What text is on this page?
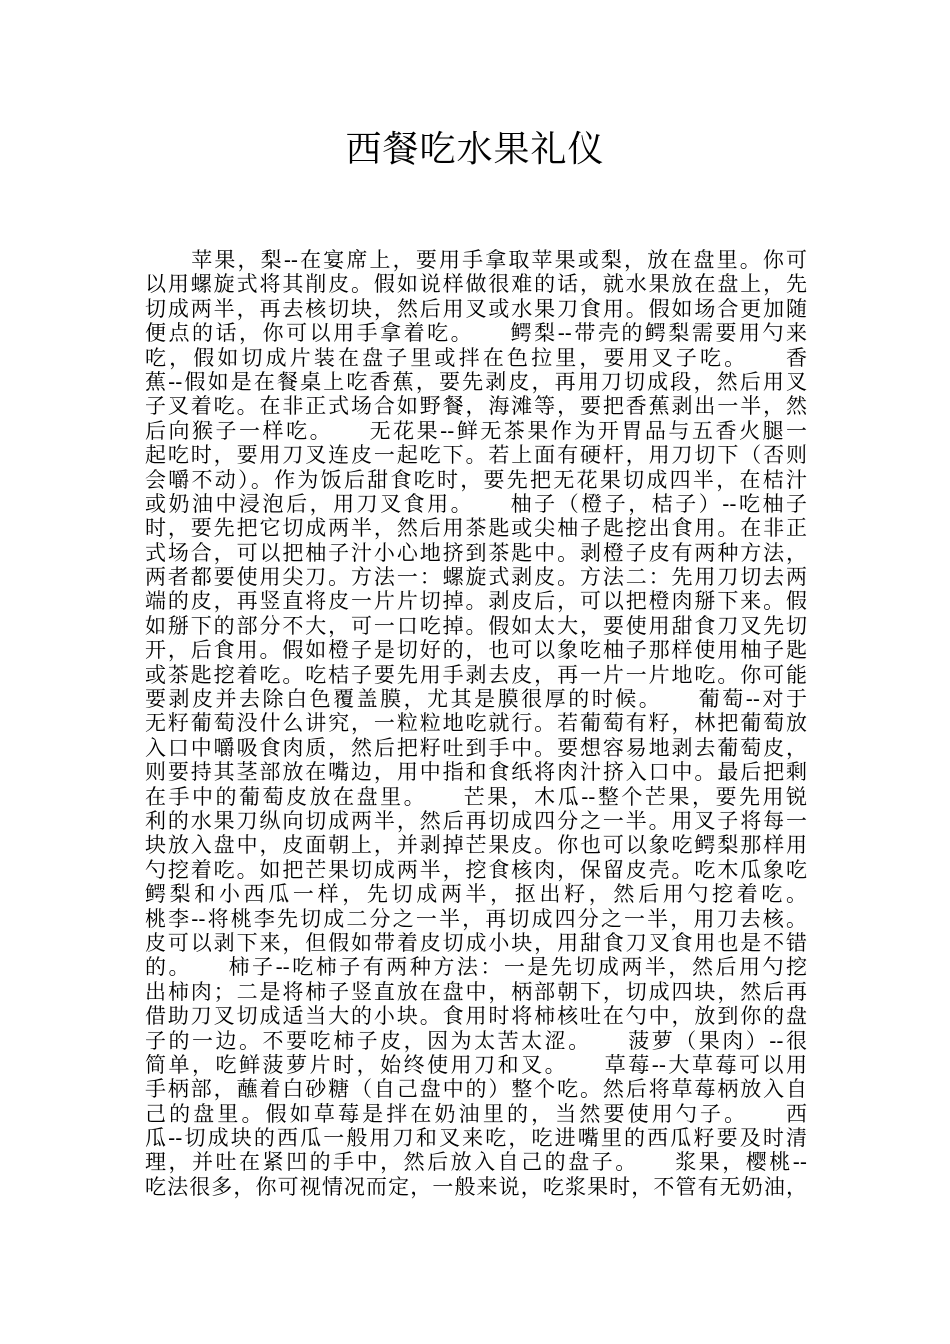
西餐吃水果礼仪
　　苹果，梨--在宴席上，要用手拿取苹果或梨，放在盘里。你可
以用螺旋式将其削皮。假如说样做很难的话，就水果放在盘上，先
切成两半，再去核切块，然后用叉或水果刀食用。假如场合更加随
便点的话，你可以用手拿着吃。　　鳄梨--带壳的鳄梨需要用勺来
吃，假如切成片装在盘子里或拌在色拉里，要用叉子吃。　　香
蕉--假如是在餐桌上吃香蕉，要先剥皮，再用刀切成段，然后用叉
子叉着吃。在非正式场合如野餐，海滩等，要把香蕉剥出一半，然
后向猴子一样吃。　　无花果--鲜无茶果作为开胃品与五香火腿一
起吃时，要用刀叉连皮一起吃下。若上面有硬杆，用刀切下（否则
会嚼不动）。作为饭后甜食吃时，要先把无花果切成四半，在桔汁
或奶油中浸泡后，用刀叉食用。　　柚子（橙子，桔子）--吃柚子
时，要先把它切成两半，然后用茶匙或尖柚子匙挖出食用。在非正
式场合，可以把柚子汁小心地挤到茶匙中。剥橙子皮有两种方法，
两者都要使用尖刀。方法一：螺旋式剥皮。方法二：先用刀切去两
端的皮，再竖直将皮一片片切掉。剥皮后，可以把橙肉掰下来。假
如掰下的部分不大，可一口吃掉。假如太大，要使用甜食刀叉先切
开，后食用。假如橙子是切好的，也可以象吃柚子那样使用柚子匙
或茶匙挖着吃。吃桔子要先用手剥去皮，再一片一片地吃。你可能
要剥皮并去除白色覆盖膜，尤其是膜很厚的时候。　　葡萄--对于
无籽葡萄没什么讲究，一粒粒地吃就行。若葡萄有籽，林把葡萄放
入口中嚼吸食肉质，然后把籽吐到手中。要想容易地剥去葡萄皮，
则要持其茎部放在嘴边，用中指和食纸将肉汁挤入口中。最后把剩
在手中的葡萄皮放在盘里。　　芒果，木瓜--整个芒果，要先用锐
利的水果刀纵向切成两半，然后再切成四分之一半。用叉子将每一
块放入盘中，皮面朝上，并剥掉芒果皮。你也可以象吃鳄梨那样用
勺挖着吃。如把芒果切成两半，挖食核肉，保留皮壳。吃木瓜象吃
鳄梨和小西瓜一样，先切成两半，抠出籽，然后用勺挖着吃。
桃李--将桃李先切成二分之一半，再切成四分之一半，用刀去核。
皮可以剥下来，但假如带着皮切成小块，用甜食刀叉食用也是不错
的。　　柿子--吃柿子有两种方法：一是先切成两半，然后用勺挖
出柿肉；二是将柿子竖直放在盘中，柄部朝下，切成四块，然后再
借助刀叉切成适当大的小块。食用时将柿核吐在勺中，放到你的盘
子的一边。不要吃柿子皮，因为太苦太涩。　　菠萝（果肉）--很
简单，吃鲜菠萝片时，始终使用刀和叉。　　草莓--大草莓可以用
手柄部，蘸着白砂糖（自己盘中的）整个吃。然后将草莓柄放入自
己的盘里。假如草莓是拌在奶油里的，当然要使用勺子。　　西
瓜--切成块的西瓜一般用刀和叉来吃，吃进嘴里的西瓜籽要及时清
理，并吐在紧凹的手中，然后放入自己的盘子。　　浆果，樱桃--
吃法很多，你可视情况而定，一般来说，吃浆果时，不管有无奶油，
